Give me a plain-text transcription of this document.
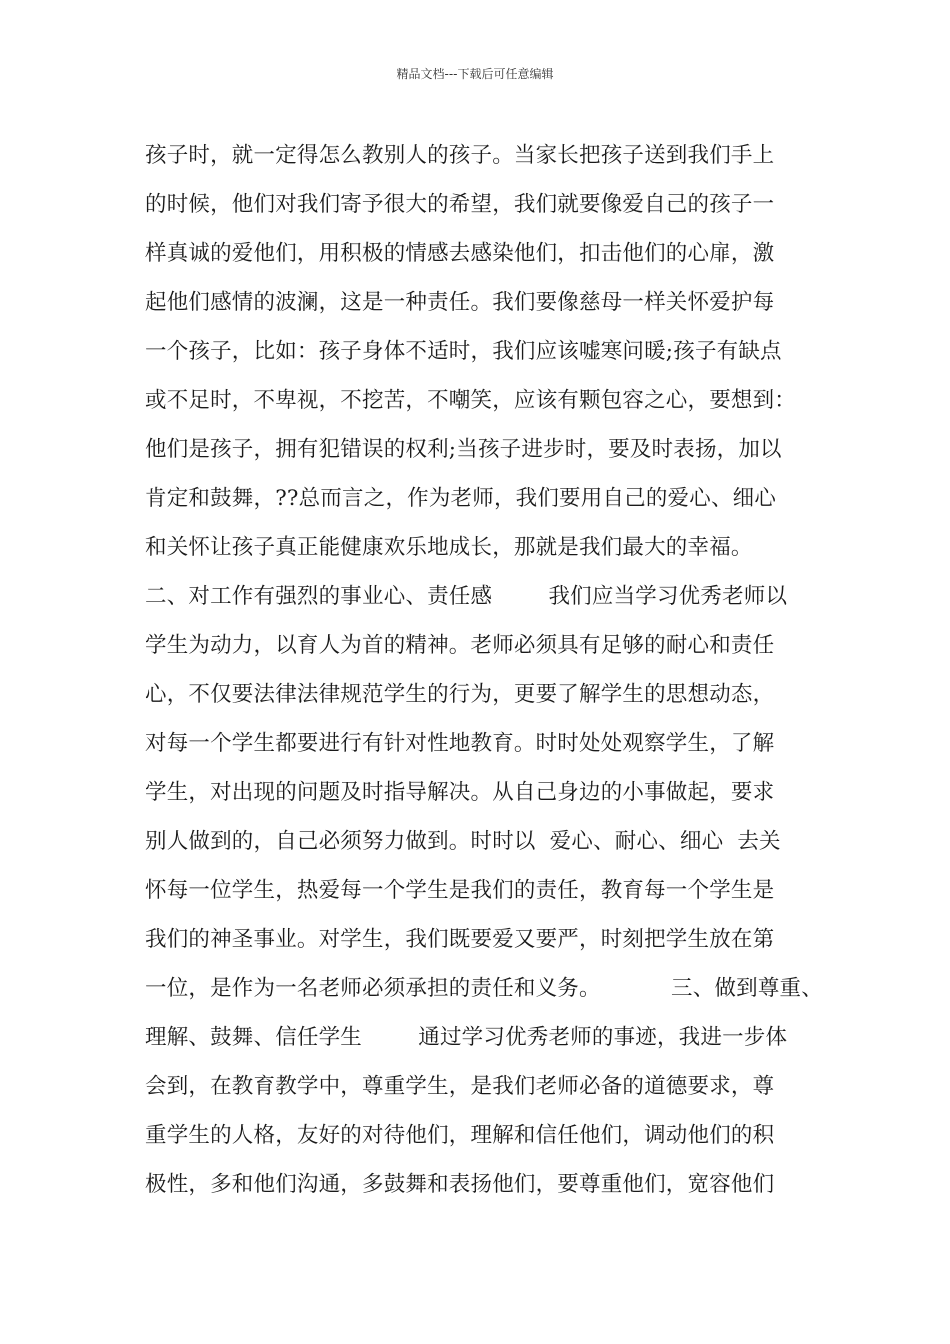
精品文档---下载后可任意编辑
孩子时，就一定得怎么教别人的孩子。当家长把孩子送到我们手上
的时候，他们对我们寄予很大的希望，我们就要像爱自己的孩子一
样真诚的爱他们，用积极的情感去感染他们，扣击他们的心扉，激
起他们感情的波澜，这是一种责任。我们要像慈母一样关怀爱护每
一个孩子，比如：孩子身体不适时，我们应该嘘寒问暖;孩子有缺点
或不足时，不卑视，不挖苦，不嘲笑，应该有颗包容之心，要想到：
他们是孩子，拥有犯错误的权利;当孩子进步时，要及时表扬，加以
肯定和鼓舞，??总而言之，作为老师，我们要用自己的爱心、细心
和关怀让孩子真正能健康欢乐地成长，那就是我们最大的幸福。
二、对工作有强烈的事业心、责任感        我们应当学习优秀老师以
学生为动力，以育人为首的精神。老师必须具有足够的耐心和责任
心，不仅要法律法律规范学生的行为，更要了解学生的思想动态，
对每一个学生都要进行有针对性地教育。时时处处观察学生，了解
学生，对出现的问题及时指导解决。从自己身边的小事做起，要求
别人做到的，自己必须努力做到。时时以  爱心、耐心、细心  去关
怀每一位学生，热爱每一个学生是我们的责任，教育每一个学生是
我们的神圣事业。对学生，我们既要爱又要严，时刻把学生放在第
一位，是作为一名老师必须承担的责任和义务。          三、做到尊重、
理解、鼓舞、信任学生        通过学习优秀老师的事迹，我进一步体
会到，在教育教学中，尊重学生，是我们老师必备的道德要求，尊
重学生的人格，友好的对待他们，理解和信任他们，调动他们的积
极性，多和他们沟通，多鼓舞和表扬他们，要尊重他们，宽容他们
